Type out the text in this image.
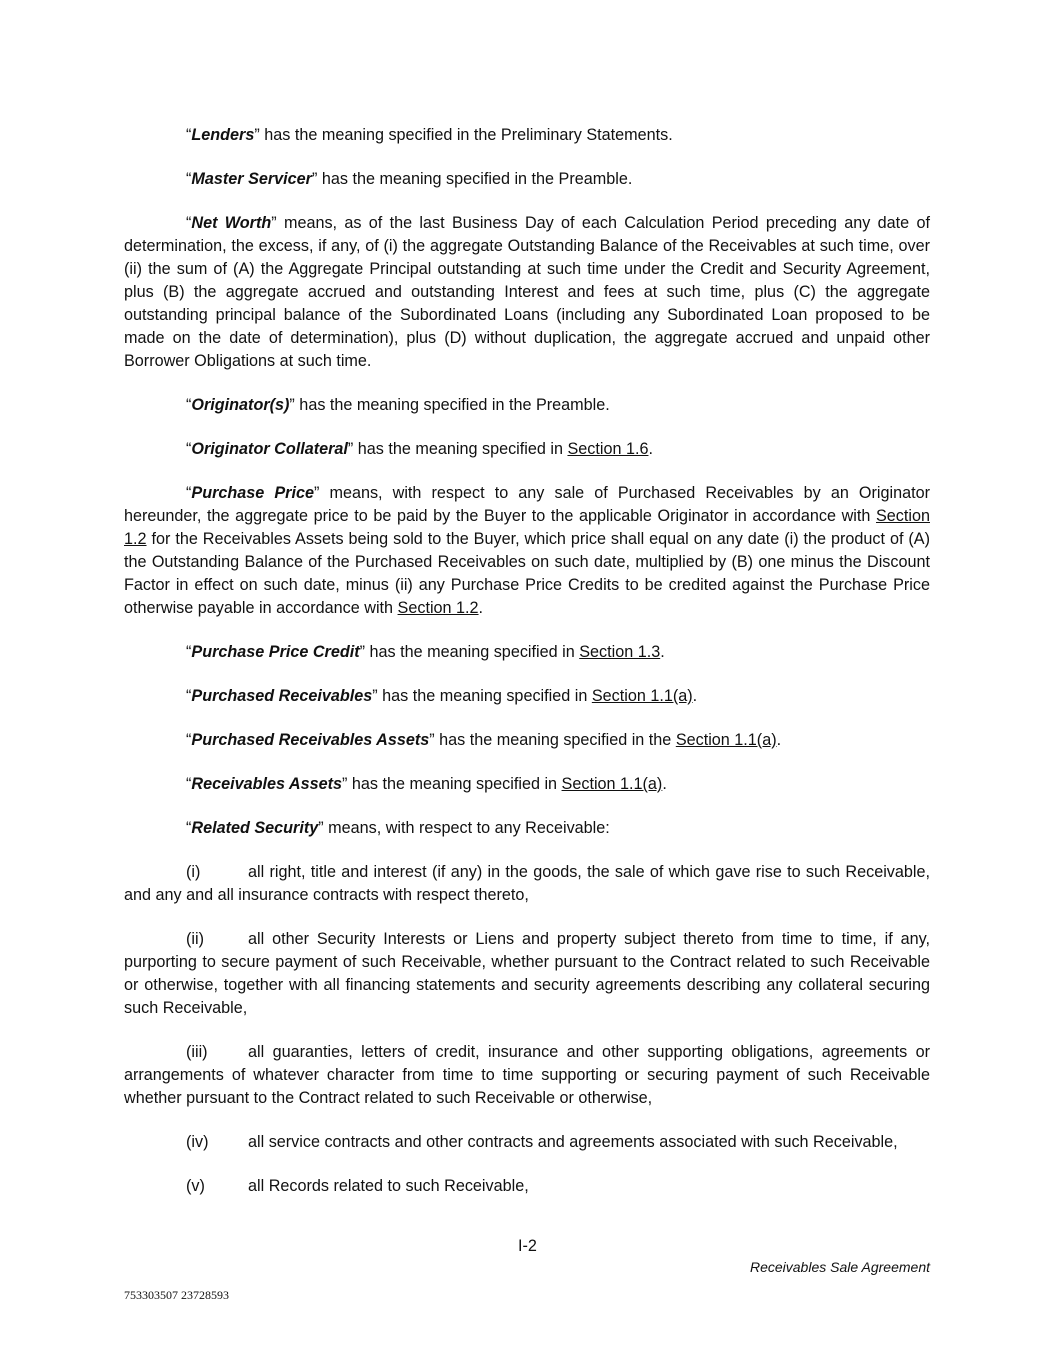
“Lenders” has the meaning specified in the Preliminary Statements.

“Master Servicer” has the meaning specified in the Preamble.

“Net Worth” means, as of the last Business Day of each Calculation Period preceding any date of determination, the excess, if any, of (i) the aggregate Outstanding Balance of the Receivables at such time, over (ii) the sum of (A) the Aggregate Principal outstanding at such time under the Credit and Security Agreement, plus (B) the aggregate accrued and outstanding Interest and fees at such time, plus (C) the aggregate outstanding principal balance of the Subordinated Loans (including any Subordinated Loan proposed to be made on the date of determination), plus (D) without duplication, the aggregate accrued and unpaid other Borrower Obligations at such time.

“Originator(s)” has the meaning specified in the Preamble.

“Originator Collateral” has the meaning specified in Section 1.6.

“Purchase Price” means, with respect to any sale of Purchased Receivables by an Originator hereunder, the aggregate price to be paid by the Buyer to the applicable Originator in accordance with Section 1.2 for the Receivables Assets being sold to the Buyer, which price shall equal on any date (i) the product of (A) the Outstanding Balance of the Purchased Receivables on such date, multiplied by (B) one minus the Discount Factor in effect on such date, minus (ii) any Purchase Price Credits to be credited against the Purchase Price otherwise payable in accordance with Section 1.2.

“Purchase Price Credit” has the meaning specified in Section 1.3.

“Purchased Receivables” has the meaning specified in Section 1.1(a).

“Purchased Receivables Assets” has the meaning specified in the Section 1.1(a).

“Receivables Assets” has the meaning specified in Section 1.1(a).

“Related Security” means, with respect to any Receivable:

(i)	all right, title and interest (if any) in the goods, the sale of which gave rise to such Receivable, and any and all insurance contracts with respect thereto,

(ii)	all other Security Interests or Liens and property subject thereto from time to time, if any, purporting to secure payment of such Receivable, whether pursuant to the Contract related to such Receivable or otherwise, together with all financing statements and security agreements describing any collateral securing such Receivable,

(iii) all guaranties, letters of credit, insurance and other supporting obligations, agreements or arrangements of whatever character from time to time supporting or securing payment of such Receivable whether pursuant to the Contract related to such Receivable or otherwise,

(iv) all service contracts and other contracts and agreements associated with such Receivable,

(v)	all Records related to such Receivable,

I-2
Receivables Sale Agreement
753303507 23728593
